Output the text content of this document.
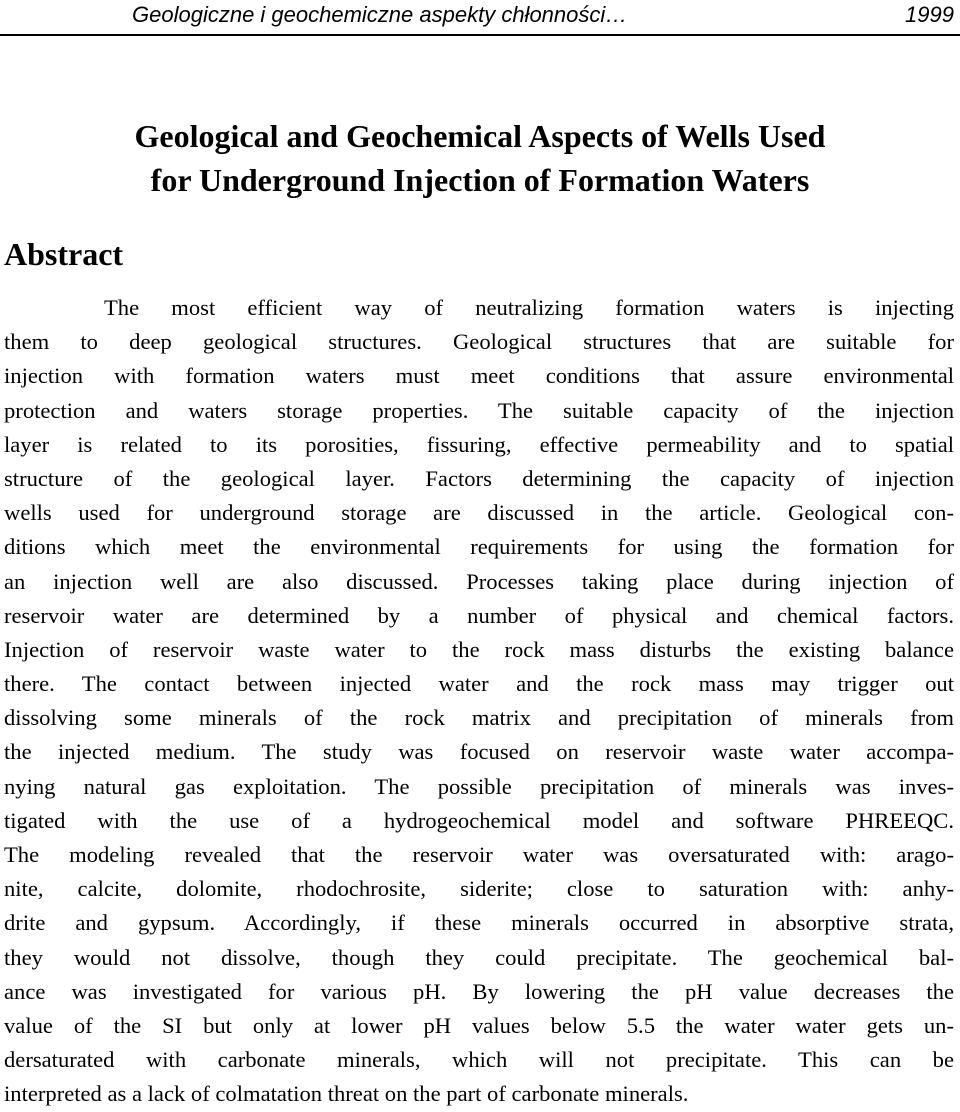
Geologiczne i geochemiczne aspekty chłonności…	1999
Geological and Geochemical Aspects of Wells Used
for Underground Injection of Formation Waters
Abstract
The most efficient way of neutralizing formation waters is injecting
them to deep geological structures. Geological structures that are suitable for
injection with formation waters must meet conditions that assure environmental
protection and waters storage properties. The suitable capacity of the injection
layer is related to its porosities, fissuring, effective permeability and to spatial
structure of the geological layer. Factors determining the capacity of injection
wells used for underground storage are discussed in the article. Geological con-
ditions which meet the environmental requirements for using the formation for
an injection well are also discussed. Processes taking place during injection of
reservoir water are determined by a number of physical and chemical factors.
Injection of reservoir waste water to the rock mass disturbs the existing balance
there. The contact between injected water and the rock mass may trigger out
dissolving some minerals of the rock matrix and precipitation of minerals from
the injected medium. The study was focused on reservoir waste water accompa-
nying natural gas exploitation. The possible precipitation of minerals was inves-
tigated with the use of a hydrogeochemical model and software PHREEQC.
The modeling revealed that the reservoir water was oversaturated with: arago-
nite, calcite, dolomite, rhodochrosite, siderite; close to saturation with: anhy-
drite and gypsum. Accordingly, if these minerals occurred in absorptive strata,
they would not dissolve, though they could precipitate. The geochemical bal-
ance was investigated for various pH. By lowering the pH value decreases the
value of the SI but only at lower pH values below 5.5 the water water gets un-
dersaturated with carbonate minerals, which will not precipitate. This can be
interpreted as a lack of colmatation threat on the part of carbonate minerals.
